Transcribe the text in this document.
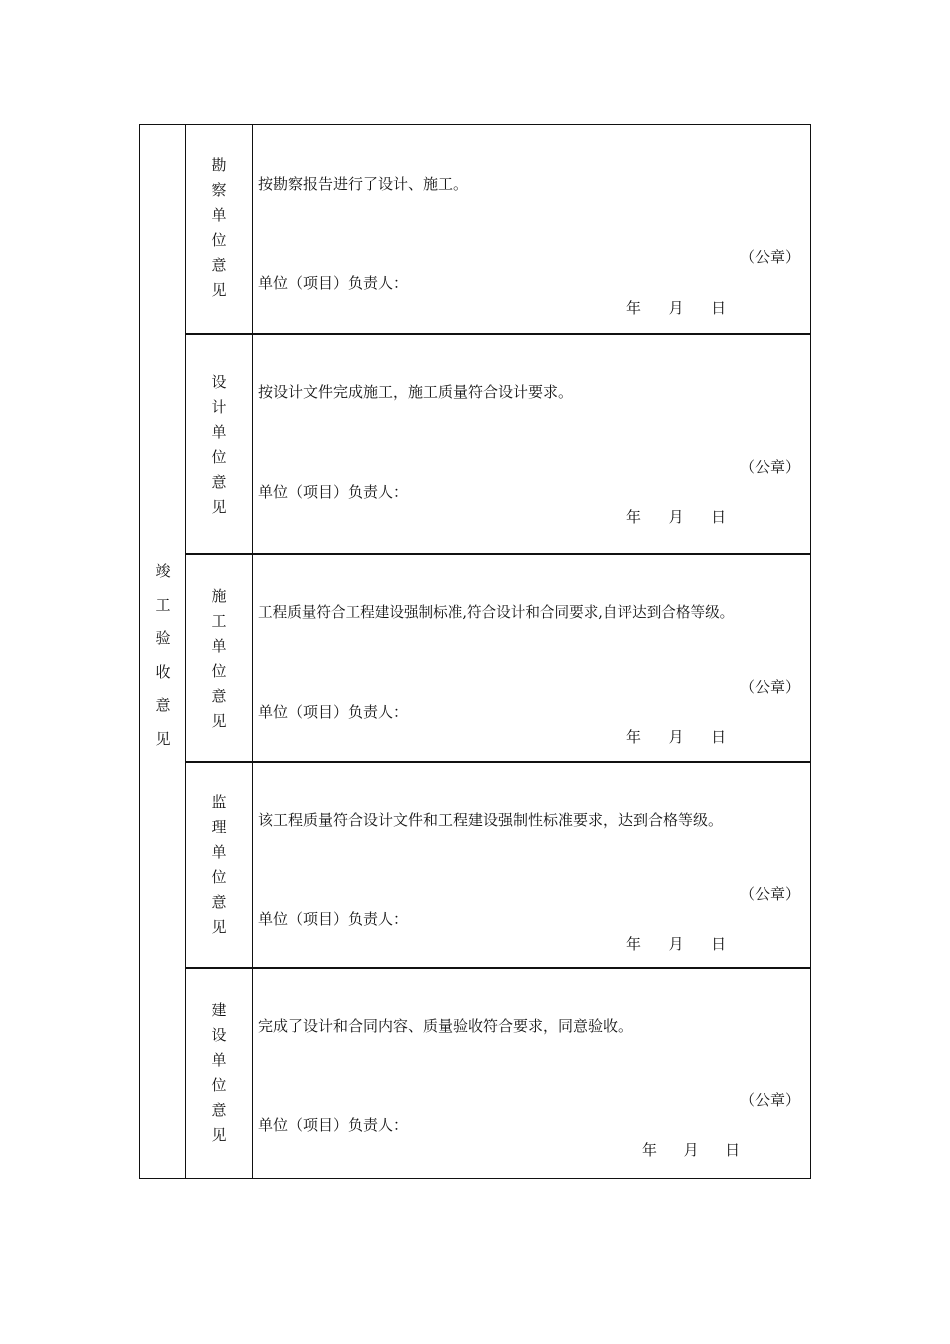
竣
工
验
收
意
见
勘
察
单
位
意
见
按勘察报告进行了设计、施工。
（公章）
单位（项目）负责人：
年 月 日
设
计
单
位
意
见
按设计文件完成施工，施工质量符合设计要求。
（公章）
单位（项目）负责人：
年 月 日
施
工
单
位
意
见
工程质量符合工程建设强制标准,符合设计和合同要求,自评达到合格等级。
（公章）
单位（项目）负责人：
年 月 日
监
理
单
位
意
见
该工程质量符合设计文件和工程建设强制性标准要求，达到合格等级。
（公章）
单位（项目）负责人：
年 月 日
建
设
单
位
意
见
完成了设计和合同内容、质量验收符合要求，同意验收。
（公章）
单位（项目）负责人：
年 月 日
